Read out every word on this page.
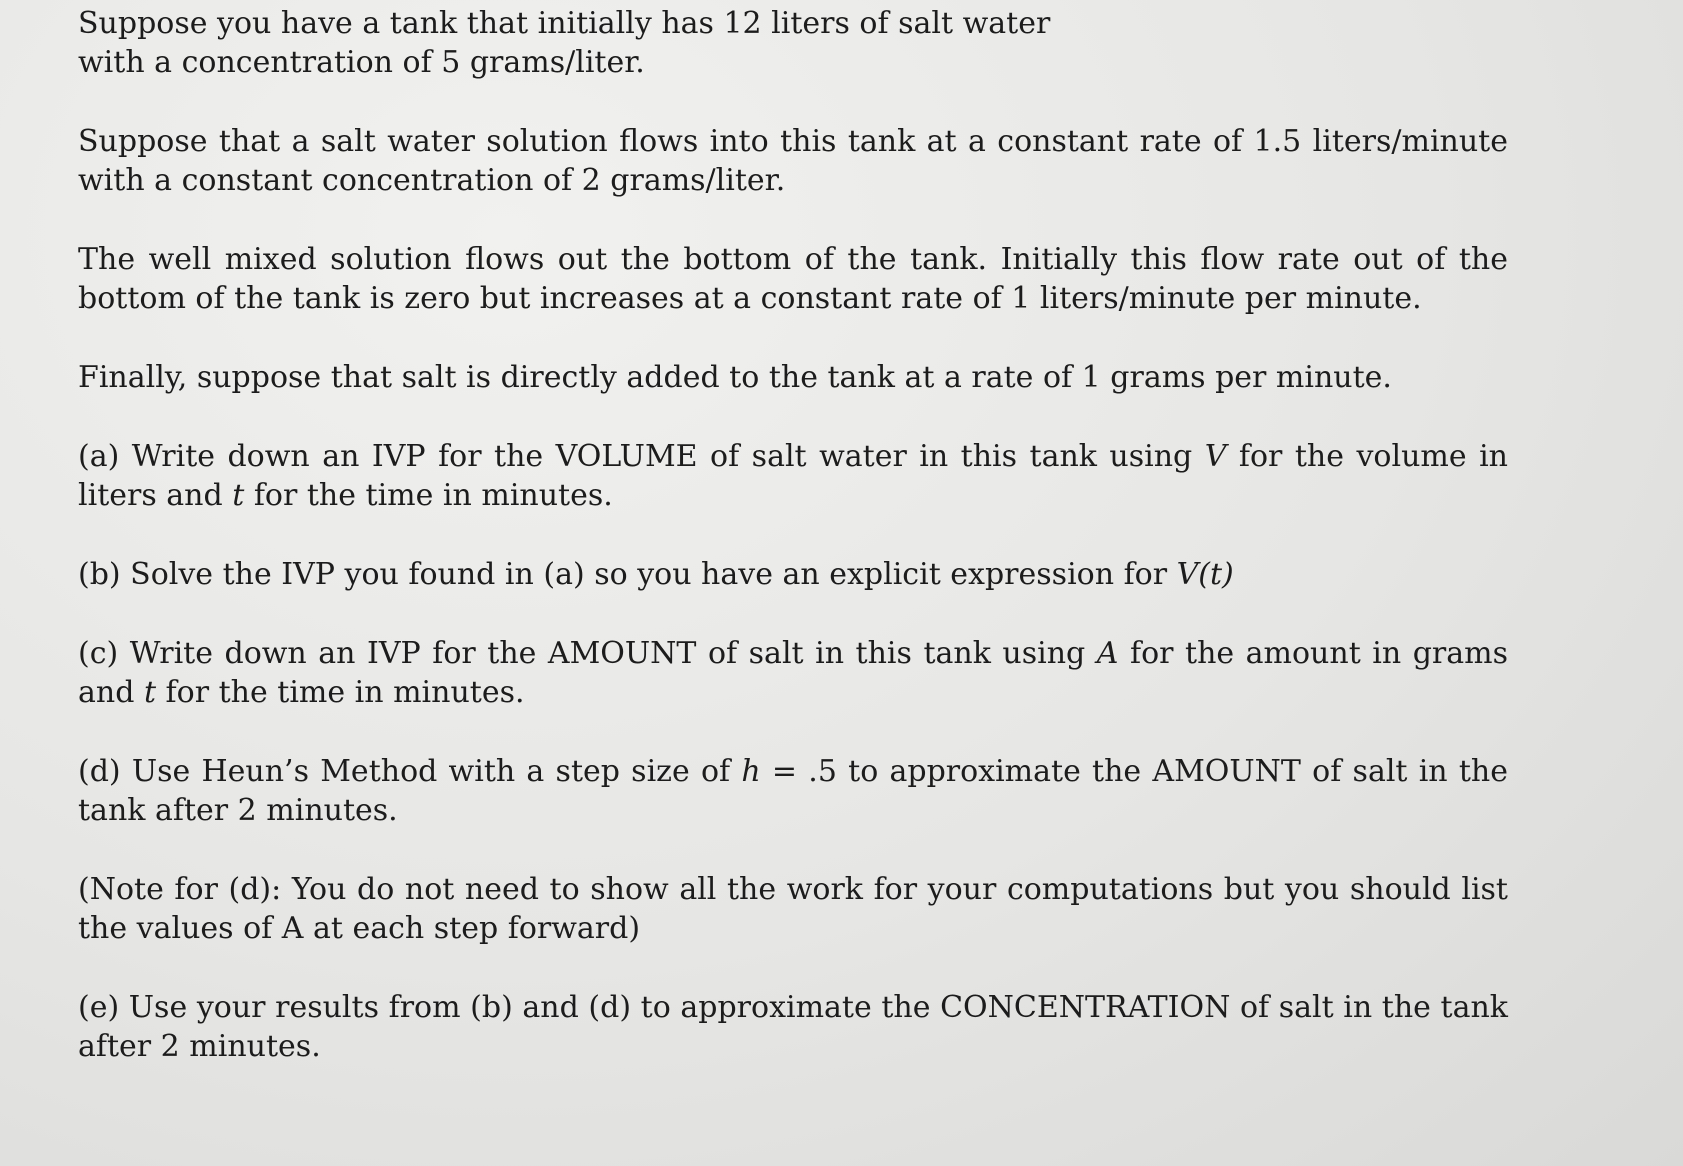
Suppose you have a tank that initially has 12 liters of salt water with a concentration of 5 grams/liter.

Suppose that a salt water solution flows into this tank at a constant rate of 1.5 liters/minute with a constant concentration of 2 grams/liter.

The well mixed solution flows out the bottom of the tank. Initially this flow rate out of the bottom of the tank is zero but increases at a constant rate of 1 liters/minute per minute.

Finally, suppose that salt is directly added to the tank at a rate of 1 grams per minute.

(a) Write down an IVP for the VOLUME of salt water in this tank using V for the volume in liters and t for the time in minutes.

(b) Solve the IVP you found in (a) so you have an explicit expression for V(t)

(c) Write down an IVP for the AMOUNT of salt in this tank using A for the amount in grams and t for the time in minutes.

(d) Use Heun’s Method with a step size of h = .5 to approximate the AMOUNT of salt in the tank after 2 minutes.

(Note for (d): You do not need to show all the work for your computations but you should list the values of A at each step forward)

(e) Use your results from (b) and (d) to approximate the CONCENTRATION of salt in the tank after 2 minutes.
